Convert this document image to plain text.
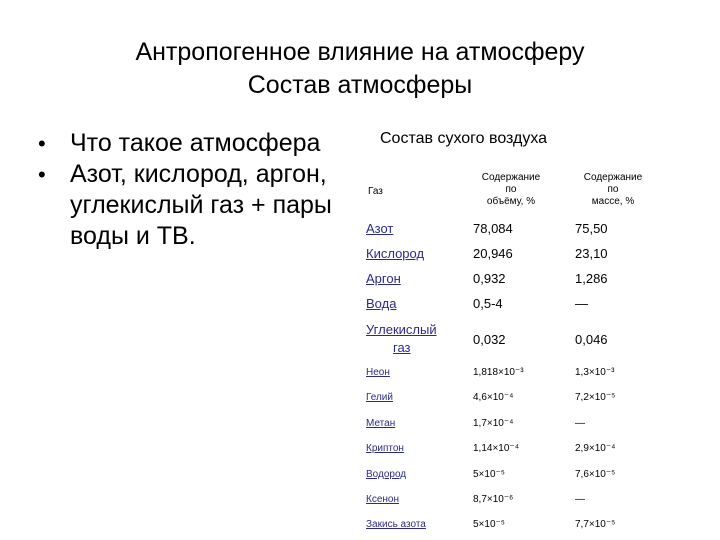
Антропогенное влияние на атмосферу
Состав атмосферы
• Что такое атмосфера
• Азот, кислород, аргон, углекислый газ + пары воды и ТВ.
Состав сухого воздуха
Газ
Содержание
по
объёму, %
Содержание
по
массе, %
Азот	78,084	75,50
Кислород	20,946	23,10
Аргон	0,932	1,286
Вода	0,5-4	—
Углекислый
газ
0,032	0,046
Неон	1,818×10⁻³	1,3×10⁻³
Гелий	4,6×10⁻⁴	7,2×10⁻⁵
Метан	1,7×10⁻⁴	—
Криптон	1,14×10⁻⁴	2,9×10⁻⁴
Водород	5×10⁻⁵	7,6×10⁻⁵
Ксенон	8,7×10⁻⁶	—
Закись азота	5×10⁻⁵	7,7×10⁻⁵
